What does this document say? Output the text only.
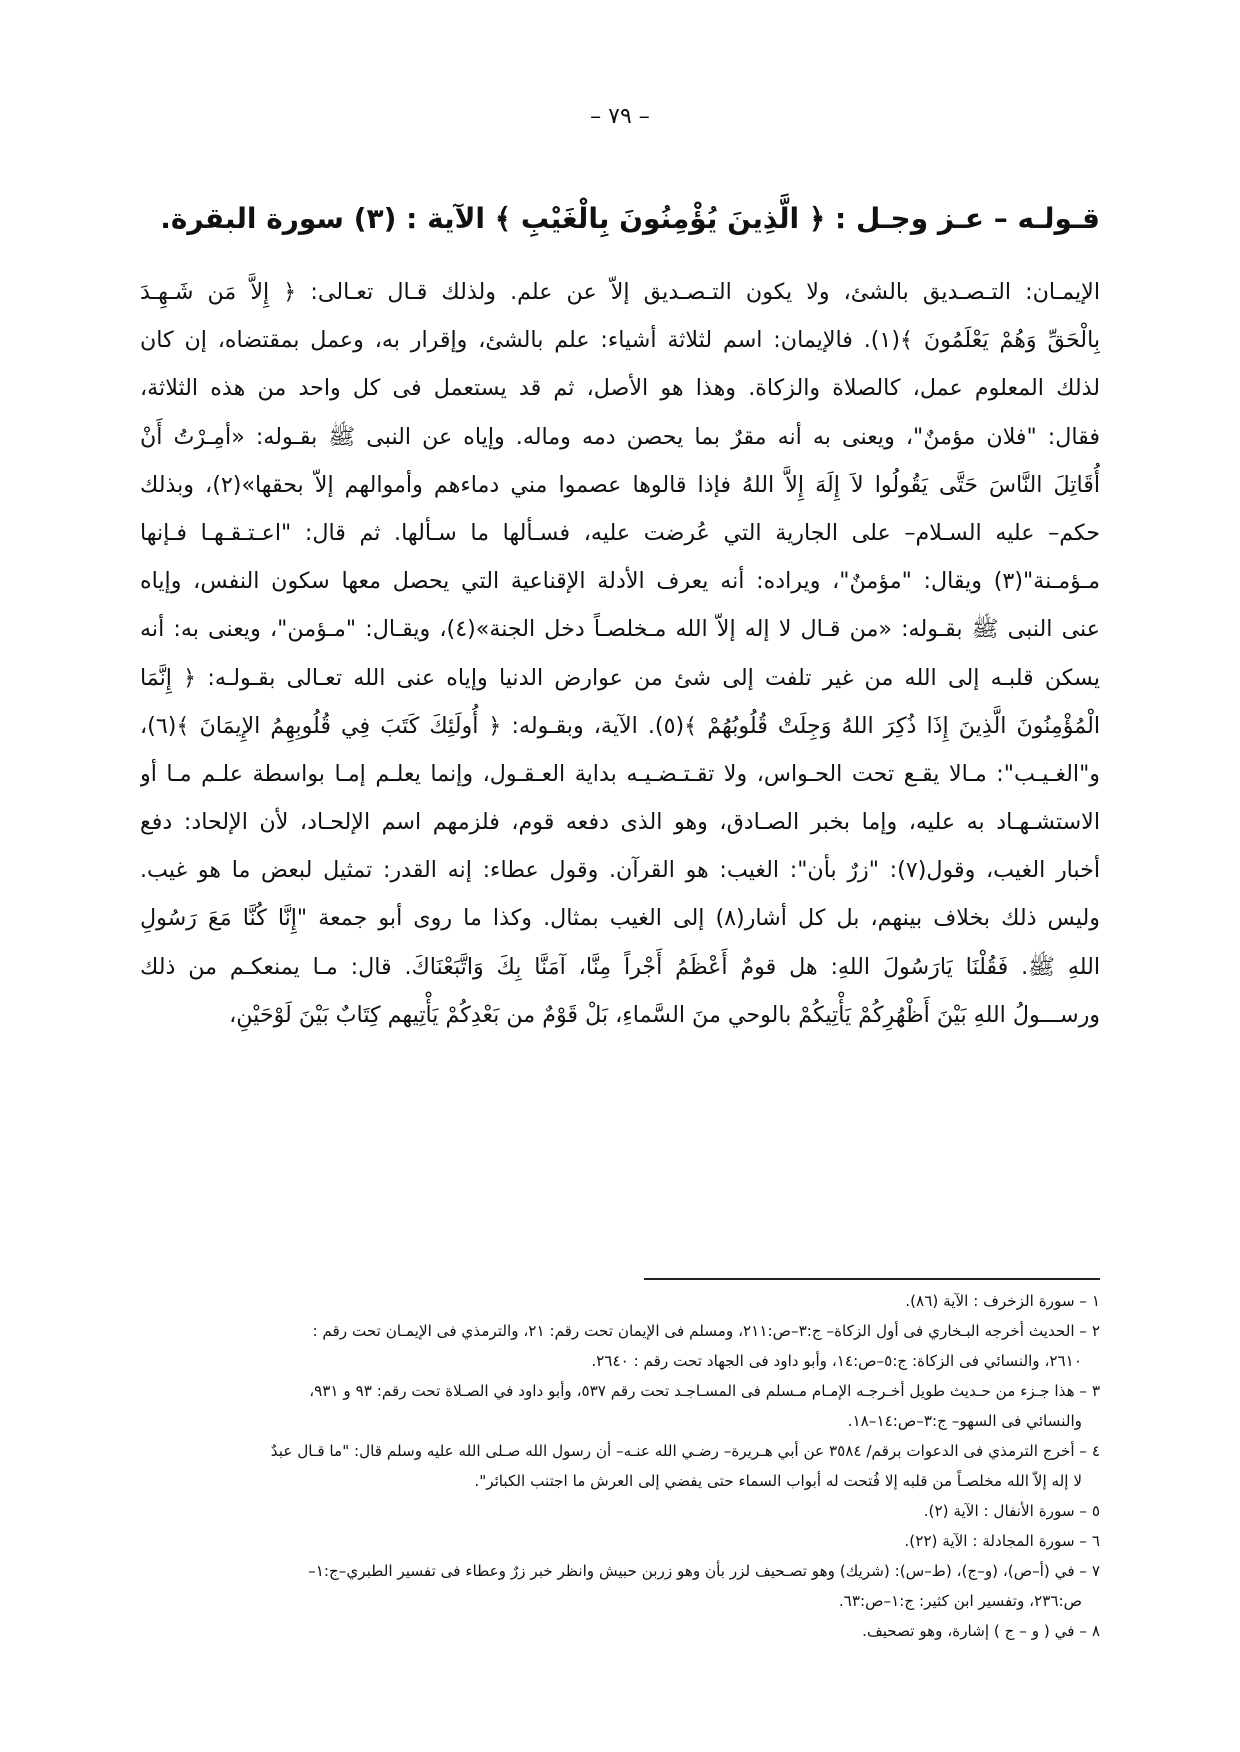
– ٧٩ –
قـولـه – عـز وجـل : ﴿ الَّذِينَ يُؤْمِنُونَ بِالْغَيْبِ ﴾ الآية : (٣) سورة البقرة.
الإيمـان: التـصـديق بالشئ، ولا يكون التـصـديق إلاّ عن علم. ولذلك قـال تعـالى: ﴿ إِلاَّ مَن شَـهِـدَ
بِالْحَقِّ وَهُمْ يَعْلَمُونَ ﴾(١). فالإيمان: اسم لثلاثة أشياء: علم بالشئ، وإقرار به، وعمل بمقتضاه، إن كان
لذلك المعلوم عمل، كالصلاة والزكاة. وهذا هو الأصل، ثم قد يستعمل فى كل واحد من هذه الثلاثة،
فقال: "فلان مؤمنٌ"، ويعنى به أنه مقرٌ بما يحصن دمه وماله. وإياه عن النبى ﷺ بقـوله: «أمِـرْتُ أَنْ
أُقَاتِلَ النَّاسَ حَتَّى يَقُولُوا لاَ إِلَهَ إِلاَّ اللهُ فإذا قالوها عصموا مني دماءهم وأموالهم إلاّ بحقها»(٢)، وبذلك
حكم– عليه السـلام– على الجارية التي عُرضت عليه، فسـألها ما سـألها. ثم قال: "اعـتـقـهـا فـإنها
مـؤمـنة"(٣) ويقال: "مؤمنٌ"، ويراده: أنه يعرف الأدلة الإقناعية التي يحصل معها سكون النفس، وإياه
عنى النبى ﷺ بقـوله: «من قـال لا إله إلاّ الله مـخلصـاً دخل الجنة»(٤)، ويقـال: "مـؤمن"، ويعنى به: أنه
يسكن قلبـه إلى الله من غير تلفت إلى شئ من عوارض الدنيا وإياه عنى الله تعـالى بقـولـه: ﴿ إِنَّمَا
الْمُؤْمِنُونَ الَّذِينَ إِذَا ذُكِرَ اللهُ وَجِلَتْ قُلُوبُهُمْ ﴾(٥). الآية، وبقـوله: ﴿ أُولَئِكَ كَتَبَ فِي قُلُوبِهِمُ الإِيمَانَ ﴾(٦)،
و"الغـيـب": مـالا يقـع تحت الحـواس، ولا تقـتـضـيـه بداية العـقـول، وإنما يعلـم إمـا بواسطة علـم مـا أو
الاستشـهـاد به عليه، وإما بخبر الصـادق، وهو الذى دفعه قوم، فلزمهم اسم الإلحـاد، لأن الإلحاد: دفع
أخبار الغيب، وقول(٧): "زرٌ بأن": الغيب: هو القرآن. وقول عطاء: إنه القدر: تمثيل لبعض ما هو غيب.
وليس ذلك بخلاف بينهم، بل كل أشار(٨) إلى الغيب بمثال. وكذا ما روى أبو جمعة "إِنَّا كُنَّا مَعَ رَسُولِ
اللهِ ﷺ. فَقُلْنَا يَارَسُولَ اللهِ: هل قومٌ أَعْظَمُ أَجْراً مِنَّا، آمَنَّا بِكَ وَاتَّبَعْنَاكَ. قال: مـا يمنعكـم من ذلك
ورســـولُ اللهِ بَيْنَ أَظْهُرِكُمْ يَأْتِيكُمْ بالوحي منَ السَّماءِ، بَلْ قَوْمٌ من بَعْدِكُمْ يَأْتِيهم كِتَابٌ بَيْنَ لَوْحَيْنِ،
١ – سورة الزخرف : الآية (٨٦).
٢ – الحديث أخرجه البـخاري فى أول الزكاة– ج:٣–ص:٢١١، ومسلم فى الإيمان تحت رقم: ٢١، والترمذي فى الإيمـان تحت رقم :
٢٦١٠، والنسائي فى الزكاة: ج:٥–ص:١٤، وأبو داود فى الجهاد تحت رقم : ٢٦٤٠.
٣ – هذا جـزء من حـديث طويل أخـرجـه الإمـام مـسلم فى المسـاجـد تحت رقم ٥٣٧، وأبو داود في الصـلاة تحت رقم: ٩٣ و ٩٣١،
والنسائي فى السهو– ج:٣–ص:١٤–١٨.
٤ – أخرج الترمذي فى الدعوات برقم/ ٣٥٨٤ عن أبي هـريرة– رضـي الله عنـه– أن رسول الله صـلى الله عليه وسلم قال: "ما قـال عبدٌ
لا إله إلاّ الله مخلصـاً من قلبه إلا فُتحت له أبواب السماء حتى يفضي إلى العرش ما اجتنب الكبائر".
٥ – سورة الأنفال : الآية (٢).
٦ – سورة المجادلة : الآية (٢٢).
٧ – في (أ–ص)، (و–ج)، (ط–س): (شريك) وهو تصـحيف لزر بأن وهو زربن حبيش وانظر خبر زرٌ وعطاء فى تفسير الطبري–ج:١–
ص:٢٣٦، وتفسير ابن كثير: ج:١–ص:٦٣.
٨ – في ( و – ج ) إشارة، وهو تصحيف.
